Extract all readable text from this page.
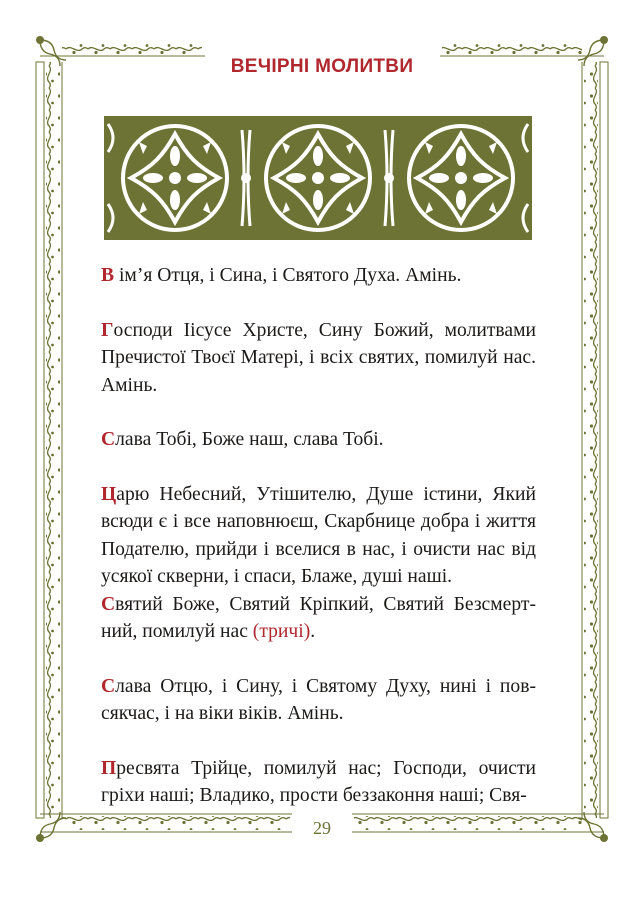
ВЕЧІРНІ МОЛИТВИ

В ім’я Отця, і Сина, і Святого Духа. Амінь.

Господи Іісусе Христе, Сину Божий, молитвами Пречистої Твоєї Матері, і всіх святих, помилуй нас. Амінь.

Слава Тобі, Боже наш, слава Тобі.

Царю Небесний, Утішителю, Душе істини, Який всюди є і все наповнюєш, Скарбнице добра і життя Подателю, прийди і вселися в нас, і очисти нас від усякої скверни, і спаси, Блаже, душі наші.

Святий Боже, Святий Кріпкий, Святий Безсмертний, помилуй нас (тричі).

Слава Отцю, і Сину, і Святому Духу, нині і повсякчас, і на віки віків. Амінь.

Пресвята Трійце, помилуй нас; Господи, очисти гріхи наші; Владико, прости беззаконня наші; Свя-

29
